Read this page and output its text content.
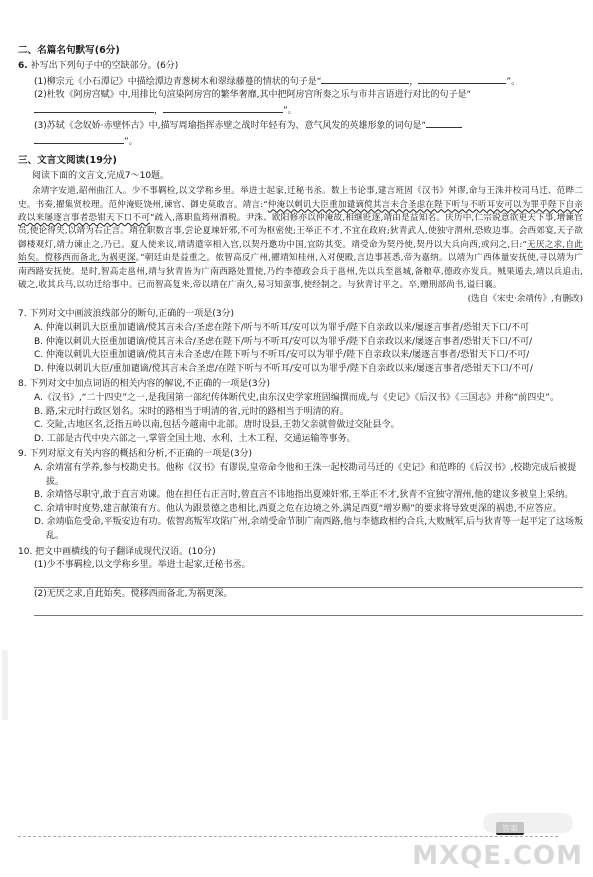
二、名篇名句默写(6分)
6. 补写出下列句子中的空缺部分。(6分)
(1)柳宗元《小石潭记》中描绘潭边青葱树木和翠绿藤蔓的情状的句子是“	，	”。
(2)杜牧《阿房宫赋》中,用排比句渲染阿房宫的繁华奢靡,其中把阿房宫所奏之乐与市井言语进行对比的句子是“
，	”。
(3)苏轼《念奴娇·赤壁怀古》中,描写周瑜指挥赤壁之战时年轻有为、意气风发的英雄形象的词句是“
”。
三、文言文阅读(19分)
阅读下面的文言文,完成7～10题。
余靖字安道,韶州曲江人。少不事羁检,以文学称乡里。举进士起家,迁秘书丞。数上书论事,建言班固《汉书》舛谬,命与王洙并校司马迁、范晔二史。书奏,擢集贤校理。范仲淹贬饶州,谏官、御史莫敢言。靖言:“仲淹以刺讥大臣重加谴谪傥其言未合圣虑在陛下听与不听耳安可以为罪乎陛下自亲政以来屡逐言事者恐钳天下口不可”疏入,落职监筠州酒税。尹洙、欧阳修亦以仲淹故,相继贬逐,靖由是益知名。庆历中,仁宗锐意欲更天下事,增谏官员,使论得失,以靖为右正言。靖在职数言事,尝论夏竦奸邪,不可为枢密使;王举正不才,不宜在政府;狄青武人,使独守渭州,恐败边事。会西郊宴,天子欲御楼观灯,靖力谏止之,乃已。夏人使来议,靖请遣宰相入宫,以契丹邀功中国,宜防其变。靖受命为契丹使,契丹以大兵向西,或问之,曰:“无厌之求,自此始矣。傥移西而备北,为祸更深。”朝廷由是益重之。侬智高反广州,擢靖知桂州,入对便殿,言边事甚悉,帝为嘉纳。以靖为广西体量安抚使,寻以靖为广南西路安抚使。是时,智高走邕州,靖与狄青皆为广南西路处置使,乃约李德政会兵于邕州,先以兵至邕城,备粮草,德政亦发兵。贼果遁去,靖以兵追击,破之,收其兵马,以功迁给事中。已而智高复来,帝以靖在广南久,易习知蛮事,使经制之。与狄青讨平之。卒,赠刑部尚书,谥曰襄。
(选自《宋史·余靖传》,有删改)
7. 下列对文中画波浪线部分的断句,正确的一项是(3分)
A. 仲淹以刺讥大臣重加谴谪/傥其言未合/圣虑在陛下/听与不听耳/安可以为罪乎/陛下自亲政以来/屡逐言事者/恐钳天下口/不可
B. 仲淹以刺讥大臣重加谴谪/傥其言未合/圣虑在陛下/听与不听耳/安可以为罪乎/陛下自亲政以来/屡逐言事者/恐钳天下口/不可/
C. 仲淹以刺讥大臣重加谴谪/傥其言未合圣虑/在陛下听与不听耳/安可以为罪乎/陛下自亲政以来/屡逐言事者/恐钳天下口/不可/
D. 仲淹以刺讥大臣/重加谴谪/傥其言未合圣虑/在陛下听与不听耳/安可以为罪乎/陛下自亲政以来/屡逐言事者/恐钳天下口/不可/
8. 下列对文中加点词语的相关内容的解说,不正确的一项是(3分)
A.《汉书》,“二十四史”之一,是我国第一部纪传体断代史,由东汉史学家班固编撰而成,与《史记》《后汉书》《三国志》并称“前四史”。
B. 路,宋元时行政区划名。宋时的路相当于明清的省,元时的路相当于明清的府。
C. 交阯,古地区名,泛指五岭以南,包括今越南中北部。唐时设县,王勃父亲就曾做过交阯县令。
D. 工部是古代中央六部之一,掌管全国土地、水利、土木工程、交通运输等事务。
9. 下列对原文有关内容的概括和分析,不正确的一项是(3分)
A. 余靖富有学养,参与校勘史书。他称《汉书》有谬误,皇帝命令他和王洙一起校勘司马迁的《史记》和范晔的《后汉书》,校勘完成后被提拔。
B. 余靖恪尽职守,敢于直言劝谏。他在担任右正言时,曾直言不讳地指出夏竦奸邪,王举正不才,狄青不宜独守渭州,他的建议多被皇上采纳。
C. 余靖审时度势,建言献策有方。他认为跟景德之患相比,西夏之危在边境之外,满足西夏“增岁赐”的要求将导致更深的祸患,不应答应。
D. 余靖临危受命,平叛安边有功。侬智高叛军攻陷广州,余靖受命节制广南西路,他与李德政相约合兵,大败贼军,后与狄青等一起平定了这场叛乱。
10. 把文中画横线的句子翻译成现代汉语。(10分)
(1)少不事羁检,以文学称乡里。举进士起家,迁秘书丞。
(2)无厌之求,自此始矣。傥移西而备北,为祸更深。
MXQE.COM
